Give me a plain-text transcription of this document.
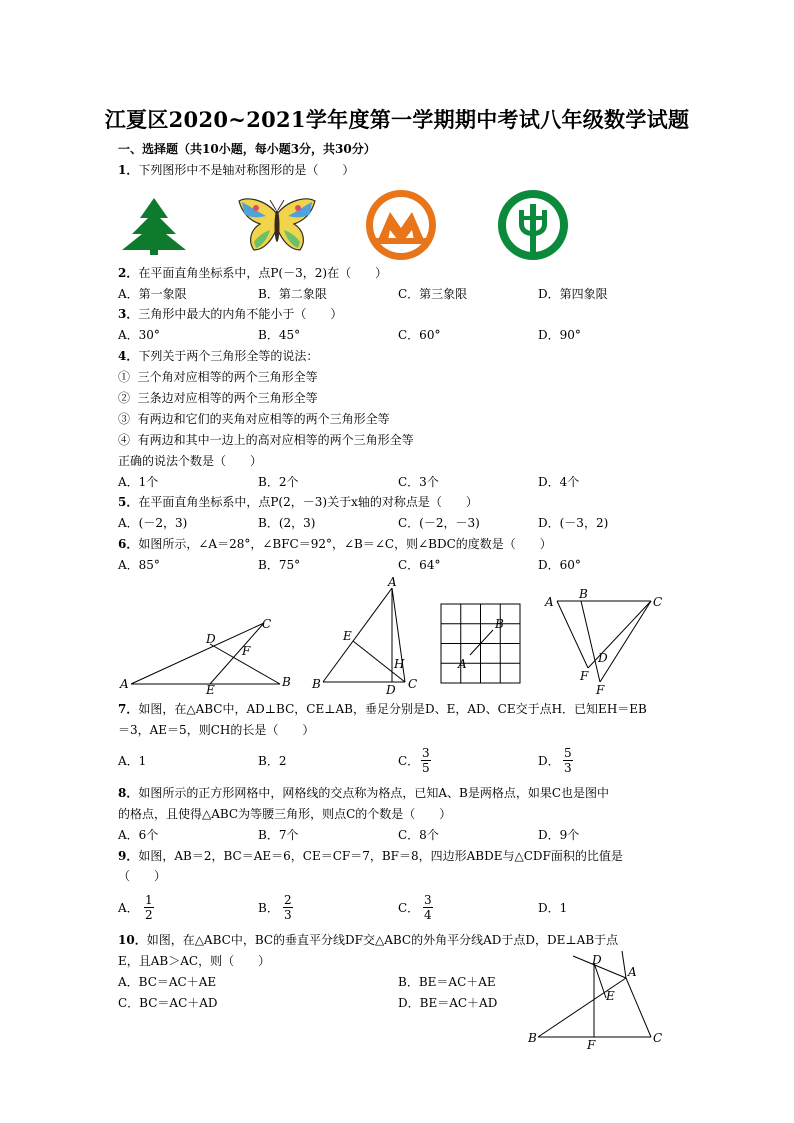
江夏区2020~2021学年度第一学期期中考试八年级数学试题
一、选择题（共10小题，每小题3分，共30分）
1．下列图形中不是轴对称图形的是（　　）
2．在平面直角坐标系中，点P(－3，2)在（　　）
A．第一象限	B．第二象限	C．第三象限	D．第四象限
3．三角形中最大的内角不能小于（　　）
A．30°	B．45°	C．60°	D．90°
4．下列关于两个三角形全等的说法：
① 三个角对应相等的两个三角形全等
② 三条边对应相等的两个三角形全等
③ 有两边和它们的夹角对应相等的两个三角形全等
④ 有两边和其中一边上的高对应相等的两个三角形全等
正确的说法个数是（　　）
A．1个	B．2个	C．3个	D．4个
5．在平面直角坐标系中，点P(2，－3)关于x轴的对称点是（　　）
A．(－2，3)	B．(2，3)	C．(－2，－3)	D．(－3，2)
6．如图所示，∠A＝28°，∠BFC＝92°，∠B＝∠C，则∠BDC的度数是（　　）
A．85°	B．75°	C．64°	D．60°
A	B
C
D
E
F
A
B	C
D
E
H	A
B
A
B
C
D
F
F
7．如图，在△ABC中，AD⊥BC，CE⊥AB，垂足分别是D、E，AD、CE交于点H．已知EH＝EB
＝3，AE＝5，则CH的长是（　　）
A．1	B．2	C． $\frac{3}{5}$	D． $\frac{5}{3}$
8．如图所示的正方形网格中，网格线的交点称为格点，已知A、B是两格点，如果C也是图中
的格点，且使得△ABC为等腰三角形，则点C的个数是（　　）
A．6个	B．7个	C．8个	D．9个
9．如图，AB＝2，BC＝AE＝6，CE＝CF＝7，BF＝8，四边形ABDE与△CDF面积的比值是
（　　）
A． $\frac{1}{2}$	B． $\frac{2}{3}$	C． $\frac{3}{4}$	D．1
10．如图，在△ABC中，BC的垂直平分线DF交△ABC的外角平分线AD于点D，DE⊥AB于点
E，且AB＞AC，则（　　）
A．BC＝AC＋AE	B．BE＝AC＋AE
C．BC＝AC＋AD	D．BE＝AC＋AD
B	C
D
A
E
F
